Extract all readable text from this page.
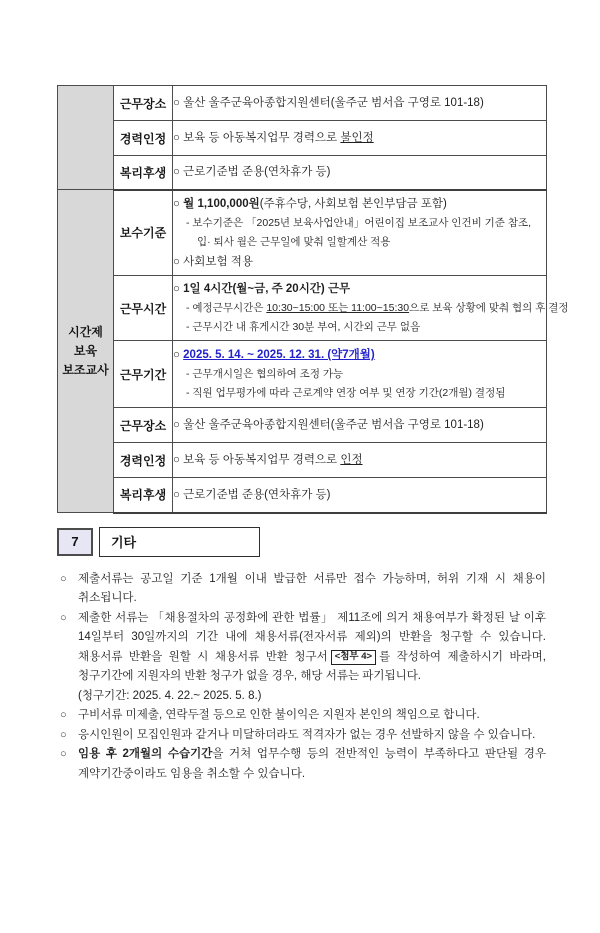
	근무장소	○ 울산 울주군육아종합지원센터(울주군 범서읍 구영로 101-18)

	경력인정	○ 보육 등 아동복지업무 경력으로 불인정

	복리후생	○ 근로기준법 준용(연차휴가 등)

시간제
보육
보조교사
	보수기준	
○ 월 1,100,000원(주휴수당, 사회보험 본인부담금 포함)
- 보수기준은 「2025년 보육사업안내」어린이집 보조교사 인건비 기준 참조,
입· 퇴사 월은 근무일에 맞춰 일할계산 적용
○ 사회보험 적용

	근무시간	○ 1일 4시간(월~금, 주 20시간) 근무
- 예정근무시간은 10:30~15:00 또는 11:00~15:30으로 보육 상황에 맞춰 협의 후 결정
- 근무시간 내 휴게시간 30분 부여, 시간외 근무 없음

	근무기간	○ 2025. 5. 14. ~ 2025. 12. 31. (약7개월)
- 근무개시일은 협의하여 조정 가능
- 직원 업무평가에 따라 근로계약 연장 여부 및 연장 기간(2개월) 결정됨

	근무장소	○ 울산 울주군육아종합지원센터(울주군 범서읍 구영로 101-18)

	경력인정	○ 보육 등 아동복지업무 경력으로 인정

	복리후생	○ 근로기준법 준용(연차휴가 등)
7	기타
○ 제출서류는 공고일 기준 1개월 이내 발급한 서류만 접수 가능하며, 허위 기재 시 채용이 취소됩니다.
○ 제출한 서류는 「채용절차의 공정화에 관한 법률」 제11조에 의거 채용여부가 확정된 날 이후 14일부터 30일까지의 기간 내에 채용서류(전자서류 제외)의 반환을 청구할 수 있습니다. 채용서류 반환을 원할 시 채용서류 반환 청구서 <첨부 4> 를 작성하여 제출하시기 바라며, 청구기간에 지원자의 반환 청구가 없을 경우, 해당 서류는 파기됩니다.
(청구기간: 2025. 4. 22.~ 2025. 5. 8.)
○ 구비서류 미제출, 연락두절 등으로 인한 불이익은 지원자 본인의 책임으로 합니다.
○ 응시인원이 모집인원과 같거나 미달하더라도 적격자가 없는 경우 선발하지 않을 수 있습니다.
○ 임용 후 2개월의 수습기간을 거쳐 업무수행 등의 전반적인 능력이 부족하다고 판단될 경우 계약기간중이라도 임용을 취소할 수 있습니다.
